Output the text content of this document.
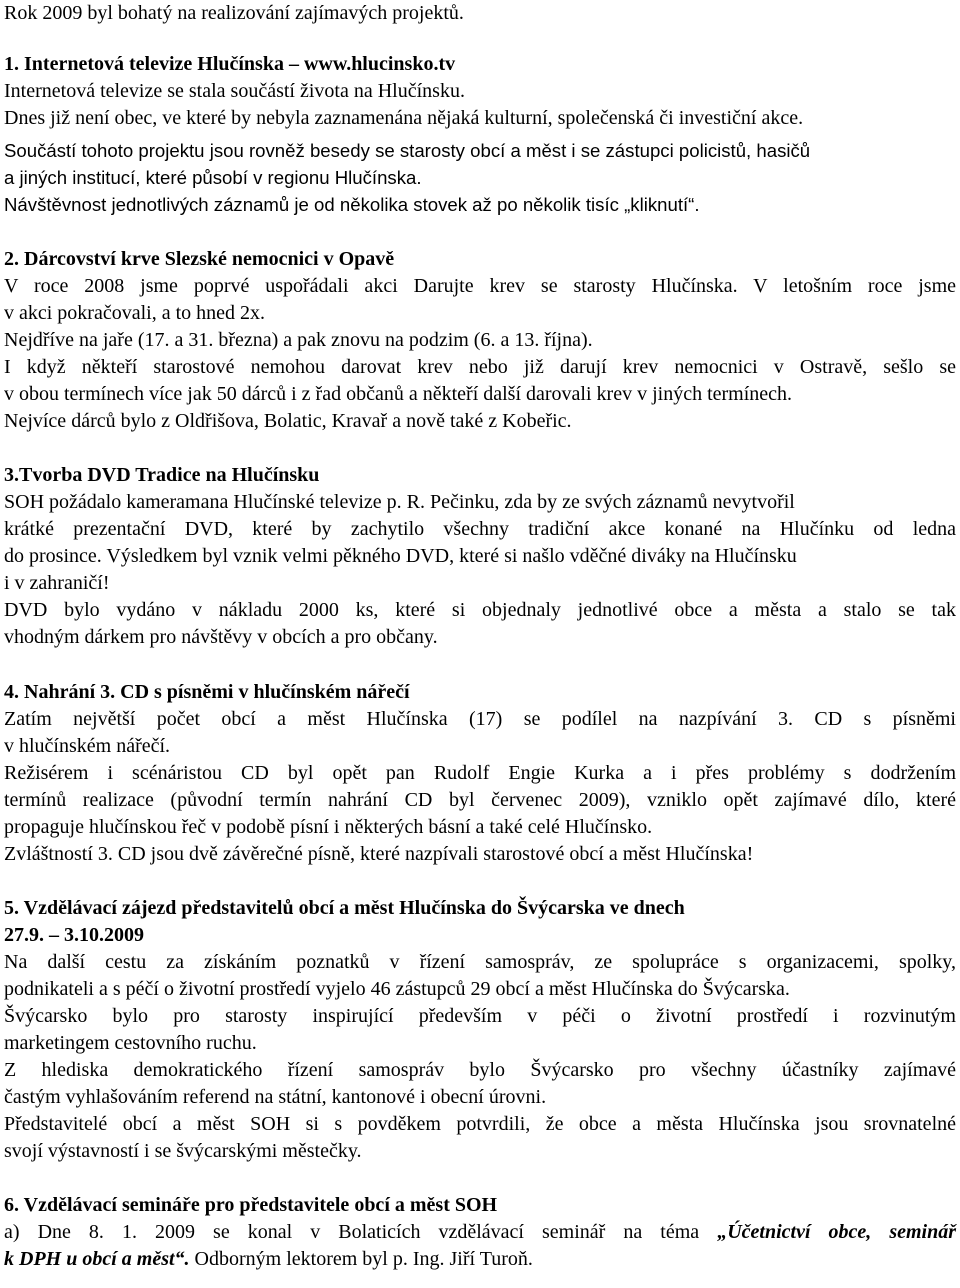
Rok 2009 byl bohatý na realizování zajímavých projektů.
1. Internetová televize Hlučínska – www.hlucinsko.tv
Internetová televize se stala součástí života na Hlučínsku.
Dnes již není obec, ve které by nebyla zaznamenána nějaká kulturní, společenská či investiční akce.
Součástí tohoto projektu jsou rovněž besedy se starosty obcí a měst i se zástupci policistů, hasičů
a jiných institucí, které působí v regionu Hlučínska.
Návštěvnost jednotlivých záznamů je od několika stovek až po několik tisíc „kliknutí“.
2. Dárcovství krve Slezské nemocnici v Opavě
V roce 2008 jsme poprvé uspořádali akci Darujte krev se starosty Hlučínska. V letošním roce jsme
v akci pokračovali, a to hned 2x.
Nejdříve na jaře (17. a 31. března) a pak znovu na podzim (6. a 13. října).
I když někteří starostové nemohou darovat krev nebo již darují krev nemocnici v Ostravě, sešlo se
v obou termínech více jak 50 dárců i z řad občanů a někteří další darovali krev v jiných termínech.
Nejvíce dárců bylo z Oldřišova, Bolatic, Kravař a nově také z Kobeřic.
3.Tvorba DVD Tradice na Hlučínsku
SOH požádalo kameramana Hlučínské televize p. R. Pečinku, zda by ze svých záznamů nevytvořil
krátké prezentační DVD, které by zachytilo všechny tradiční akce konané na Hlučínku od ledna
do prosince. Výsledkem byl vznik velmi pěkného DVD, které si našlo vděčné diváky na Hlučínsku
i v zahraničí!
DVD bylo vydáno v nákladu 2000 ks, které si objednaly jednotlivé obce a města a stalo se tak
vhodným dárkem pro návštěvy v obcích a pro občany.
4. Nahrání 3. CD s písněmi v hlučínském nářečí
Zatím největší počet obcí a měst Hlučínska (17) se podílel na nazpívání 3. CD s písněmi
v hlučínském nářečí.
Režisérem i scénáristou CD byl opět pan Rudolf Engie Kurka a i přes problémy s dodržením
termínů realizace (původní termín nahrání CD byl červenec 2009), vzniklo opět zajímavé dílo, které
propaguje hlučínskou řeč v podobě písní i některých básní a také celé Hlučínsko.
Zvláštností 3. CD jsou dvě závěrečné písně, které nazpívali starostové obcí a měst Hlučínska!
5. Vzdělávací zájezd představitelů obcí a měst Hlučínska do Švýcarska ve dnech
27.9. – 3.10.2009
Na další cestu za získáním poznatků v řízení samospráv, ze spolupráce s organizacemi, spolky,
podnikateli a s péčí o životní prostředí vyjelo 46 zástupců 29 obcí a měst Hlučínska do Švýcarska.
Švýcarsko bylo pro starosty inspirující především v péči o životní prostředí i rozvinutým
marketingem cestovního ruchu.
Z hlediska demokratického řízení samospráv bylo Švýcarsko pro všechny účastníky zajímavé
častým vyhlašováním referend na státní, kantonové i obecní úrovni.
Představitelé obcí a měst SOH si s povděkem potvrdili, že obce a města Hlučínska jsou srovnatelné
svojí výstavností i se švýcarskými městečky.
6. Vzdělávací semináře pro představitele obcí a měst SOH
a) Dne 8. 1. 2009 se konal v Bolaticích vzdělávací seminář na téma „Účetnictví obce, seminář
k DPH u obcí a měst“. Odborným lektorem byl p. Ing. Jiří Turoň.
